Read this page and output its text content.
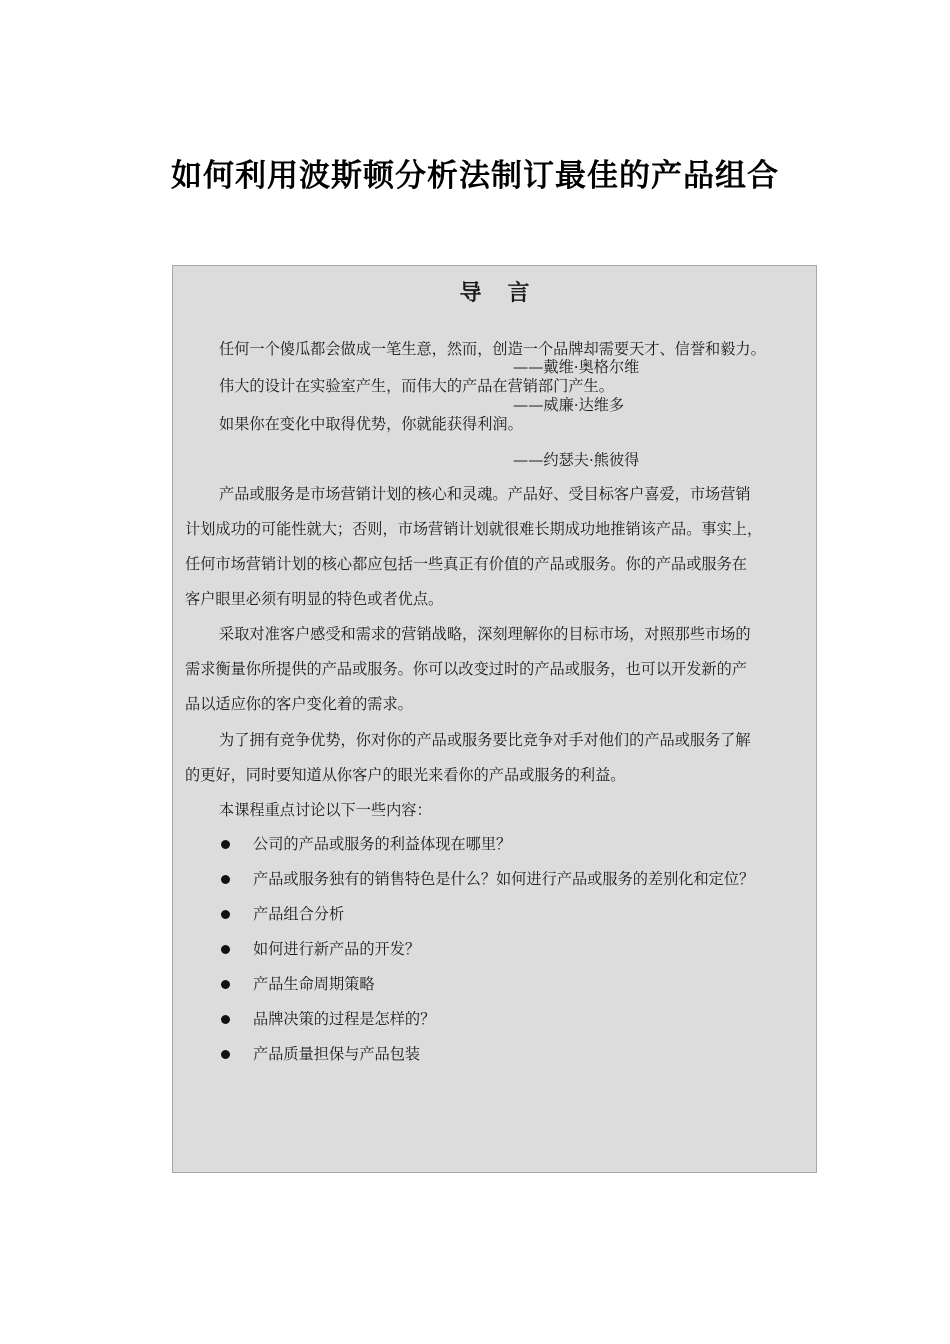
如何利用波斯顿分析法制订最佳的产品组合
导言
任何一个傻瓜都会做成一笔生意，然而，创造一个品牌却需要天才、信誉和毅力。
——戴维·奥格尔维
伟大的设计在实验室产生，而伟大的产品在营销部门产生。
——威廉·达维多
如果你在变化中取得优势，你就能获得利润。
——约瑟夫·熊彼得
产品或服务是市场营销计划的核心和灵魂。产品好、受目标客户喜爱，市场营销
计划成功的可能性就大；否则，市场营销计划就很难长期成功地推销该产品。事实上，
任何市场营销计划的核心都应包括一些真正有价值的产品或服务。你的产品或服务在
客户眼里必须有明显的特色或者优点。
采取对准客户感受和需求的营销战略，深刻理解你的目标市场，对照那些市场的
需求衡量你所提供的产品或服务。你可以改变过时的产品或服务，也可以开发新的产
品以适应你的客户变化着的需求。
为了拥有竞争优势，你对你的产品或服务要比竞争对手对他们的产品或服务了解
的更好，同时要知道从你客户的眼光来看你的产品或服务的利益。
本课程重点讨论以下一些内容：
公司的产品或服务的利益体现在哪里？
产品或服务独有的销售特色是什么？如何进行产品或服务的差别化和定位？
产品组合分析
如何进行新产品的开发？
产品生命周期策略
品牌决策的过程是怎样的？
产品质量担保与产品包装
